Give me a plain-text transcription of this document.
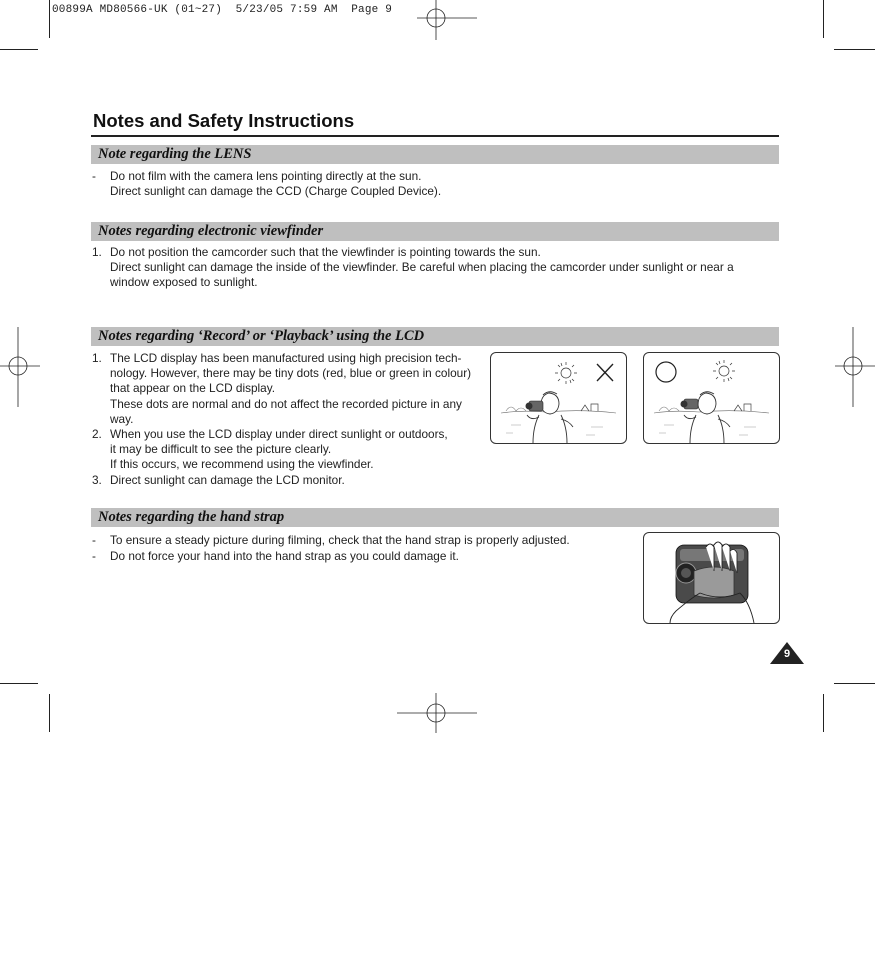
00899A MD80566-UK (01~27)  5/23/05 7:59 AM  Page 9
Notes and Safety Instructions
Note regarding the LENS
- Do not film with the camera lens pointing directly at the sun.
Direct sunlight can damage the CCD (Charge Coupled Device).
Notes regarding electronic viewfinder
1. Do not position the camcorder such that the viewfinder is pointing towards the sun.
Direct sunlight can damage the inside of the viewfinder. Be careful when placing the camcorder under sunlight or near a
window exposed to sunlight.
Notes regarding ‘Record’ or ‘Playback’ using the LCD
1. The LCD display has been manufactured using high precision tech-
nology. However, there may be tiny dots (red, blue or green in colour)
that appear on the LCD display.
These dots are normal and do not affect the recorded picture in any
way.
2. When you use the LCD display under direct sunlight or outdoors,
it may be difficult to see the picture clearly.
If this occurs, we recommend using the viewfinder.
3. Direct sunlight can damage the LCD monitor.
Notes regarding the hand strap
- To ensure a steady picture during filming, check that the hand strap is properly adjusted.
- Do not force your hand into the hand strap as you could damage it.
9
